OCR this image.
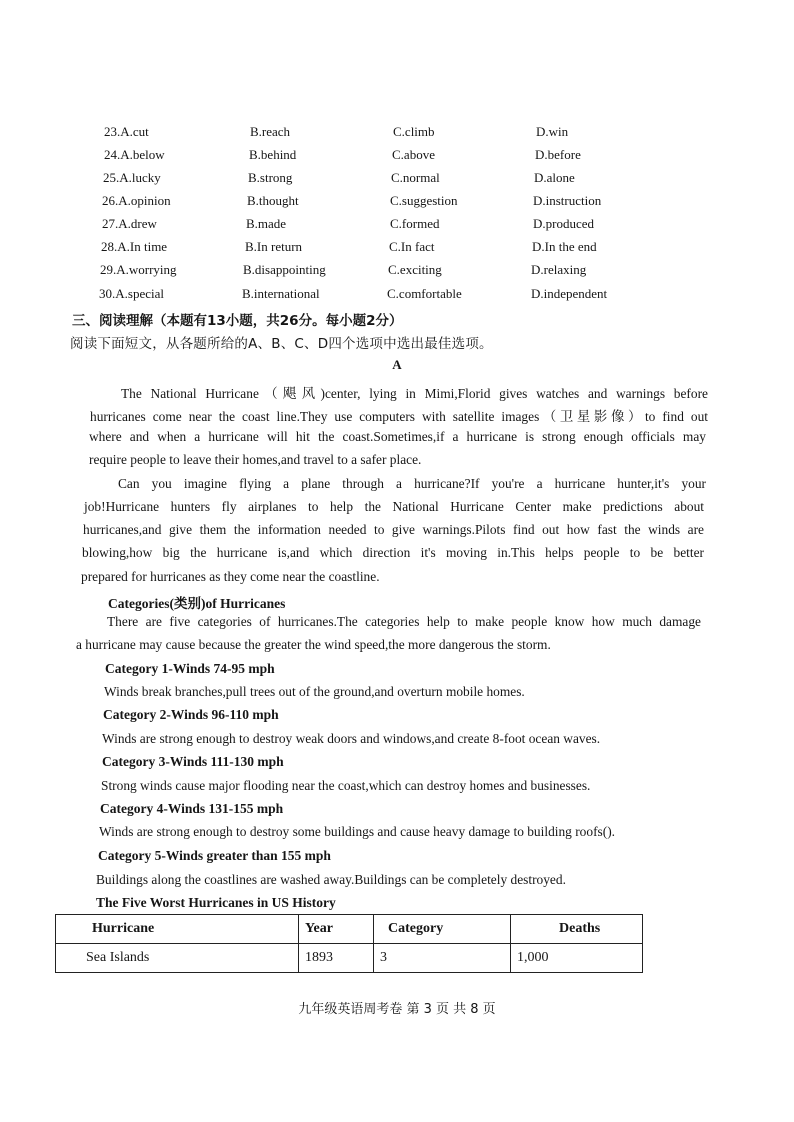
23.A.cut	B.reach	C.climb	D.win
24.A.below	B.behind	C.above	D.before
25.A.lucky	B.strong	C.normal	D.alone
26.A.opinion	B.thought	C.suggestion	D.instruction
27.A.drew	B.made	C.formed	D.produced
28.A.In time	B.In return	C.In fact	D.In the end
29.A.worrying	B.disappointing	C.exciting	D.relaxing
30.A.special	B.international	C.comfortable	D.independent
三、阅读理解（本题有13小题，共26分。每小题2分）
阅读下面短文，从各题所给的A、B、C、D四个选项中选出最佳选项。
A
The National Hurricane（飓风)center, lying in Mimi,Florid gives watches and warnings before
hurricanes come near the coast line.They use computers with satellite images（卫星影像）to find out
where and when a hurricane will hit the coast.Sometimes,if a hurricane is strong enough officials may
require people to leave their homes,and travel to a safer place.
Can you imagine flying a plane through a hurricane?If you're a hurricane hunter,it's your
job!Hurricane hunters fly airplanes to help the National Hurricane Center make predictions about
hurricanes,and give them the information needed to give warnings.Pilots find out how fast the winds are
blowing,how big the hurricane is,and which direction it's moving in.This helps people to be better
prepared for hurricanes as they come near the coastline.
Categories(类别)of Hurricanes
There are five categories of hurricanes.The categories help to make people know how much damage
a hurricane may cause because the greater the wind speed,the more dangerous the storm.
Category 1-Winds 74-95 mph
Winds break branches,pull trees out of the ground,and overturn mobile homes.
Category 2-Winds 96-110 mph
Winds are strong enough to destroy weak doors and windows,and create 8-foot ocean waves.
Category 3-Winds 111-130 mph
Strong winds cause major flooding near the coast,which can destroy homes and businesses.
Category 4-Winds 131-155 mph
Winds are strong enough to destroy some buildings and cause heavy damage to building roofs().
Category 5-Winds greater than 155 mph
Buildings along the coastlines are washed away.Buildings can be completely destroyed.
The Five Worst Hurricanes in US History
Hurricane	Year	Category	Deaths
Sea Islands	1893	3	1,000
九年级英语周考卷 第 3 页 共 8 页
